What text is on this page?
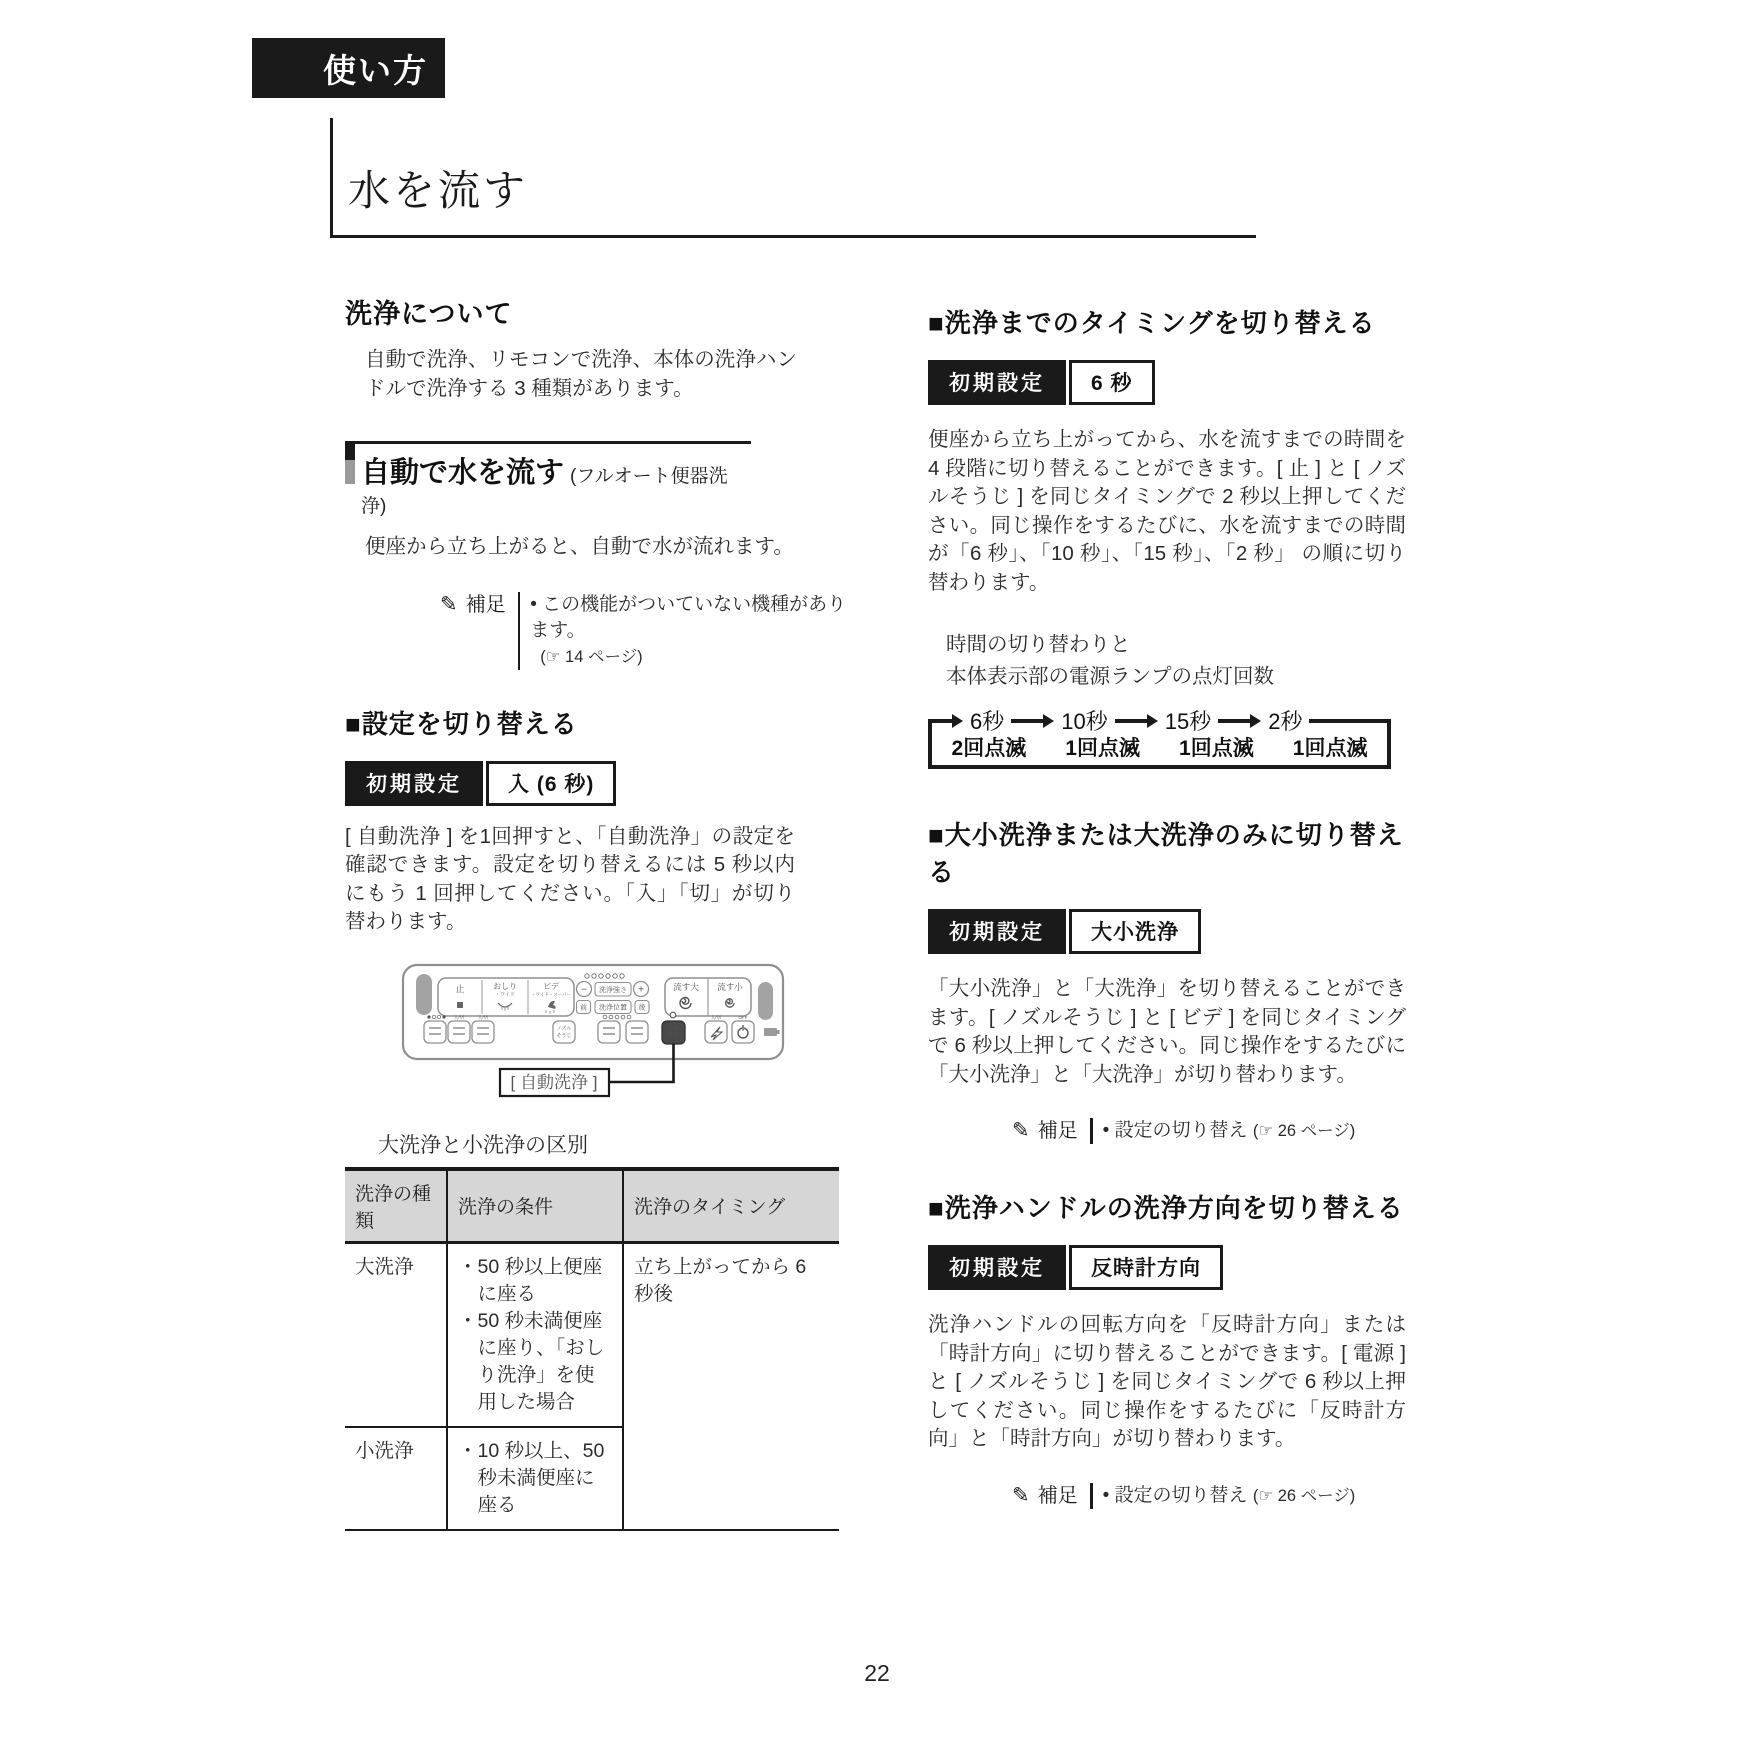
使い方
水を流す
洗浄について

自動で洗浄、リモコンで洗浄、本体の洗浄ハンドルで洗浄する 3 種類があります。

自動で水を流す (フルオート便器洗浄)

便座から立ち上がると、自動で水が流れます。

✎ 補足 • この機能がついていない機種があります。
(☞ 14 ページ)
■設定を切り替える
初期設定	入 (6 秒)

[ 自動洗浄 ] を1回押すと、「自動洗浄」の設定を確認できます。設定を切り替えるには 5 秒以内にもう 1 回押してください。「入」「切」が切り替わります。

止	おしり
・ワイド
ビデ
・ワイド・スーパー − 洗浄強さ +
前 洗浄位置 後
流す大 流す小
入/切	入/切
ノズル
そうじ
自動
洗浄
入/切	OFF
[ 自動洗浄 ]
大洗浄と小洗浄の区別
洗浄の種類	洗浄の条件	洗浄のタイミング
大洗浄	・50 秒以上便座に座る
・50 秒未満便座に座り、「おしり洗浄」を使用した場合	立ち上がってから 6 秒後
小洗浄	・10 秒以上、50 秒未満便座に座る	
■洗浄までのタイミングを切り替える
初期設定	6 秒

便座から立ち上がってから、水を流すまでの時間を 4 段階に切り替えることができます。[ 止 ] と [ ノズルそうじ ] を同じタイミングで 2 秒以上押してください。同じ操作をするたびに、水を流すまでの時間が「6 秒」、「10 秒」、「15 秒」、「2 秒」 の順に切り替わります。

時間の切り替わりと
本体表示部の電源ランプの点灯回数
6秒	10秒	15秒	2秒
2回点滅	1回点滅	1回点滅	1回点滅
■大小洗浄または大洗浄のみに切り替える
初期設定	大小洗浄

「大小洗浄」と「大洗浄」を切り替えることができます。[ ノズルそうじ ] と [ ビデ ] を同じタイミングで 6 秒以上押してください。同じ操作をするたびに「大小洗浄」と「大洗浄」が切り替わります。

✎ 補足 • 設定の切り替え (☞ 26 ページ)
■洗浄ハンドルの洗浄方向を切り替える
初期設定	反時計方向

洗浄ハンドルの回転方向を「反時計方向」または「時計方向」に切り替えることができます。[ 電源 ] と [ ノズルそうじ ] を同じタイミングで 6 秒以上押してください。同じ操作をするたびに「反時計方向」と「時計方向」が切り替わります。

✎ 補足 • 設定の切り替え (☞ 26 ページ)
22
